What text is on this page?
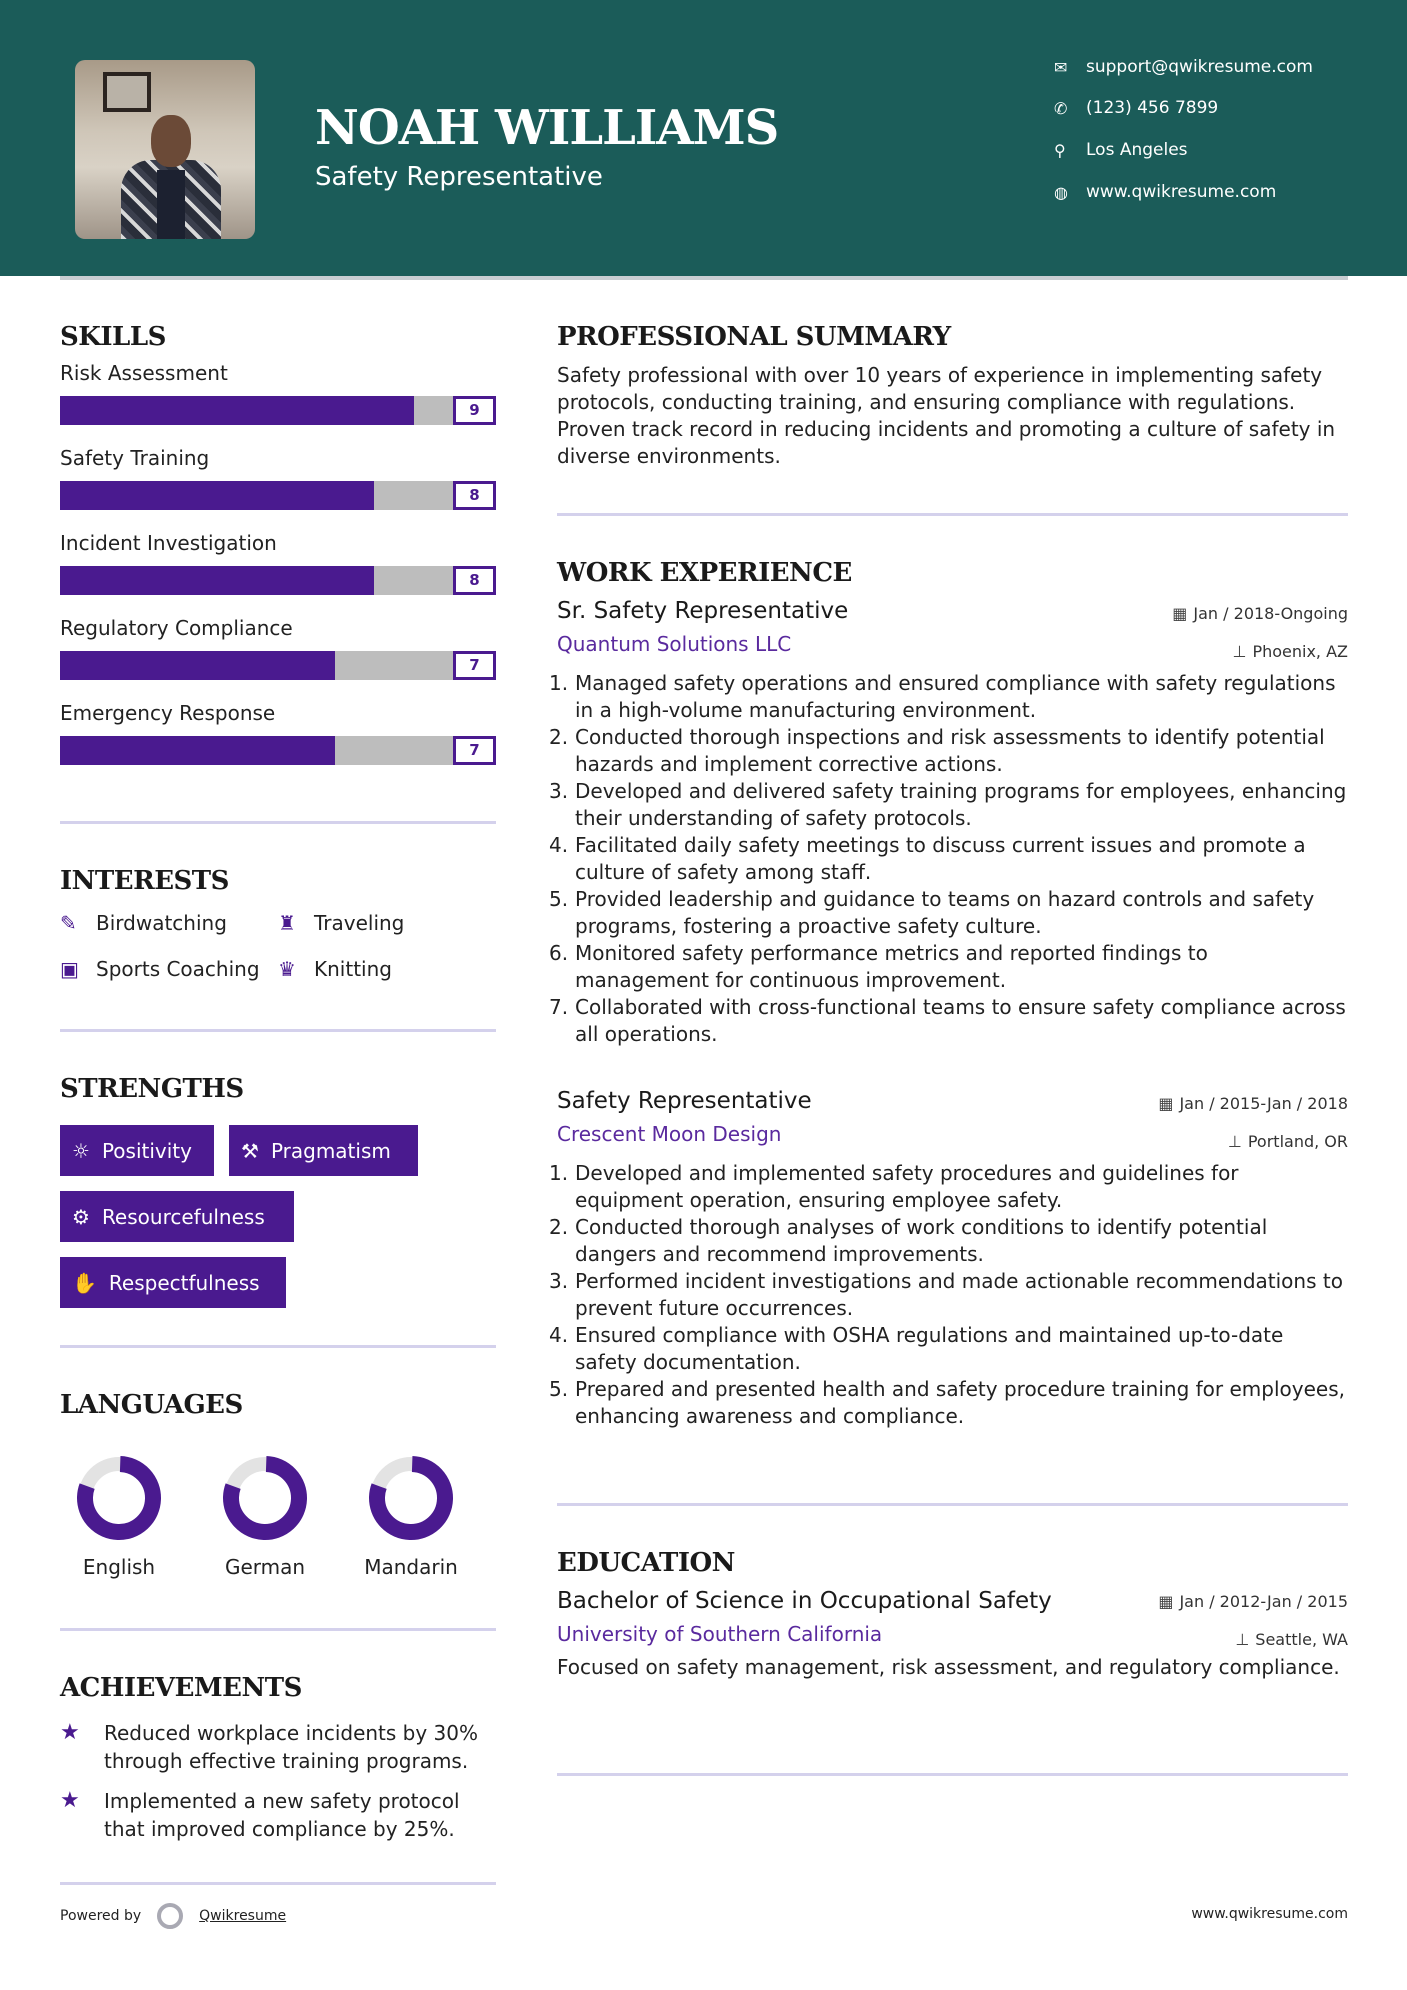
NOAH WILLIAMS
Safety Representative
✉	support@qwikresume.com
✆	(123) 456 7899
⚲	Los Angeles
◍	www.qwikresume.com
SKILLS
Risk Assessment
9
Safety Training
8
Incident Investigation
8
Regulatory Compliance
7
Emergency Response
7
INTERESTS
✎ Birdwatching	♜ Traveling
▣ Sports Coaching ♛ Knitting
STRENGTHS
☼ Positivity ⚒ Pragmatism
⚙ Resourcefulness
✋ Respectfulness
LANGUAGES
English	German	Mandarin
ACHIEVEMENTS
★	Reduced workplace incidents by 30% through effective training programs.
★	Implemented a new safety protocol that improved compliance by 25%.
Powered by	Qwikresume	www.qwikresume.com
PROFESSIONAL SUMMARY
Safety professional with over 10 years of experience in implementing safety protocols, conducting training, and ensuring compliance with regulations. Proven track record in reducing incidents and promoting a culture of safety in diverse environments.
WORK EXPERIENCE
Sr. Safety Representative	▦ Jan / 2018-Ongoing
Quantum Solutions LLC	⊥ Phoenix, AZ
1. Managed safety operations and ensured compliance with safety regulations in a high-volume manufacturing environment.
2. Conducted thorough inspections and risk assessments to identify potential hazards and implement corrective actions.
3. Developed and delivered safety training programs for employees, enhancing their understanding of safety protocols.
4. Facilitated daily safety meetings to discuss current issues and promote a culture of safety among staff.
5. Provided leadership and guidance to teams on hazard controls and safety programs, fostering a proactive safety culture.
6. Monitored safety performance metrics and reported findings to management for continuous improvement.
7. Collaborated with cross-functional teams to ensure safety compliance across all operations.
Safety Representative	▦ Jan / 2015-Jan / 2018
Crescent Moon Design	⊥ Portland, OR
1. Developed and implemented safety procedures and guidelines for equipment operation, ensuring employee safety.
2. Conducted thorough analyses of work conditions to identify potential dangers and recommend improvements.
3. Performed incident investigations and made actionable recommendations to prevent future occurrences.
4. Ensured compliance with OSHA regulations and maintained up-to-date safety documentation.
5. Prepared and presented health and safety procedure training for employees, enhancing awareness and compliance.
EDUCATION
Bachelor of Science in Occupational Safety	▦ Jan / 2012-Jan / 2015
University of Southern California	⊥ Seattle, WA
Focused on safety management, risk assessment, and regulatory compliance.
